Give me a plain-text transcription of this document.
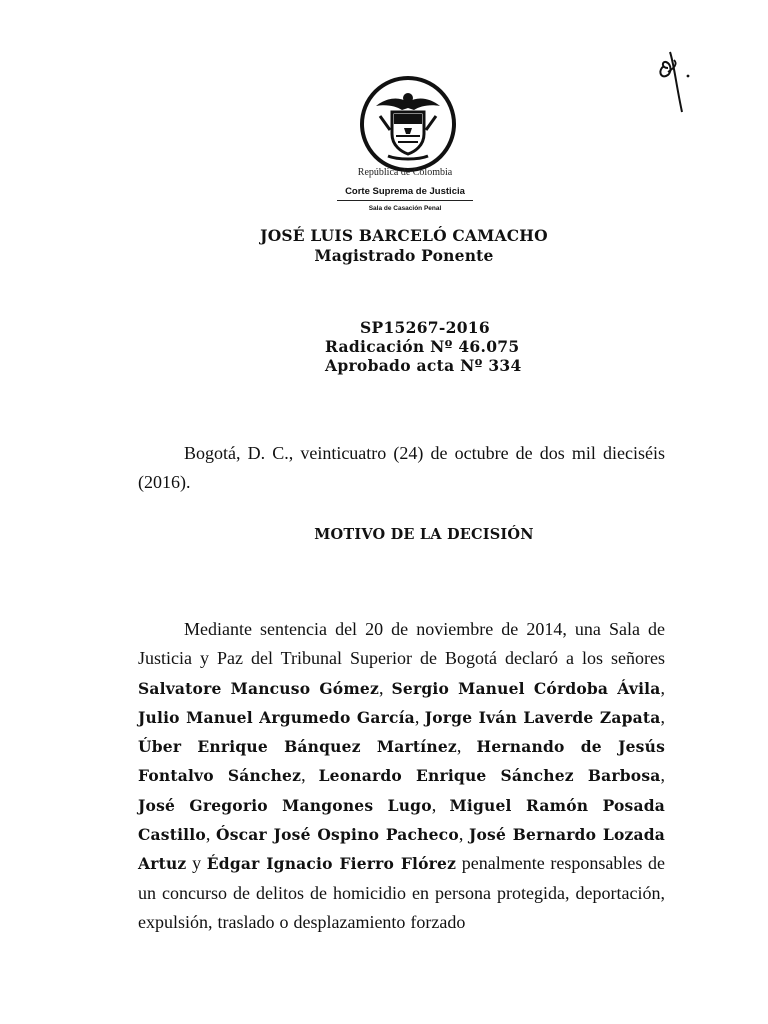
República de Colombia
Corte Suprema de Justicia
Sala de Casación Penal
JOSÉ LUIS BARCELÓ CAMACHO
Magistrado Ponente
SP15267-2016
Radicación Nº 46.075
Aprobado acta Nº 334

Bogotá, D. C., veinticuatro (24) de octubre de dos mil dieciséis (2016).

MOTIVO DE LA DECISIÓN

Mediante sentencia del 20 de noviembre de 2014, una Sala de Justicia y Paz del Tribunal Superior de Bogotá declaró a los señores Salvatore Mancuso Gómez, Sergio Manuel Córdoba Ávila, Julio Manuel Argumedo García, Jorge Iván Laverde Zapata, Úber Enrique Bánquez Martínez, Hernando de Jesús Fontalvo Sánchez, Leonardo Enrique Sánchez Barbosa, José Gregorio Mangones Lugo, Miguel Ramón Posada Castillo, Óscar José Ospino Pacheco, José Bernardo Lozada Artuz y Édgar Ignacio Fierro Flórez penalmente responsables de un concurso de delitos de homicidio en persona protegida, deportación, expulsión, traslado o desplazamiento forzado
